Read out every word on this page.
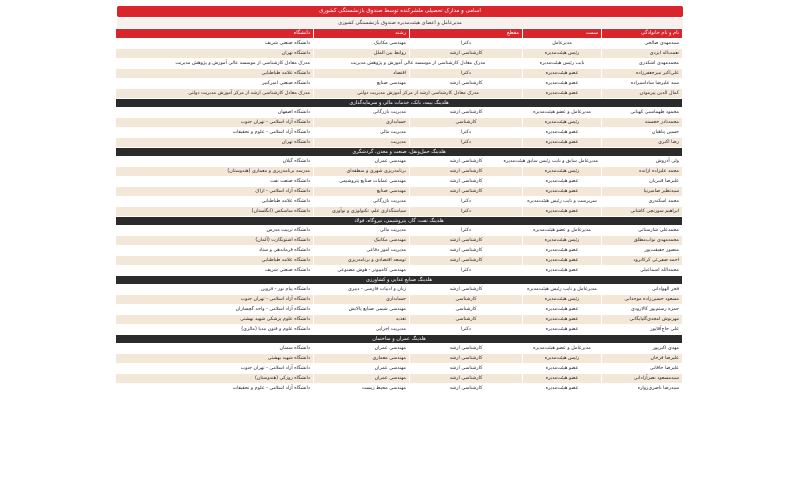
اسامی و مدارک تحصیلی ملشرکنده توسط صندوق بازنشستگی کشوری
مدیرعامل و اعضای هیئت‌مدیره صندوق بازنشستگی کشوری
نام و نام خانوادگی	سمت	مقطع	رشته	دانشگاه
سیدمهدی صالحی	مدیرعامل	دکترا	مهندسی مکانیک	دانشگاه صنعتی شریف
نعمت‌اله ایزدی	رئیس هیئت‌مدیره	کارشناسی ارشد	روابط بین الملل	دانشگاه تهران
محمدمهدی اشکذری	نایب رئیس هیئت‌مدیره	مدرک معادل کارشناسی از موسسه عالی آموزش و پژوهش مدیریت		مدرک معادل کارشناسی از موسسه عالی آموزش و پژوهش مدیریت
علی‌اکبر میرجعفرزاده	عضو هیئت‌مدیره	دکترا	اقتصاد	دانشگاه علامه طباطبایی
سید علیرضا ساداسیراده	عضو هیئت‌مدیره	کارشناسی ارشد	مهندسی صنایع	دانشگاه صنعتی امیرکبیر
کمال الدین پیرموذن	عضو هیئت‌مدیره	مدرک معادل کارشناسی ارشد از مرکز آموزش مدیریت دولتی		مدرک معادل کارشناسی ارشد از مرکز آموزش مدیریت دولتی
هلدینگ بیمه، بانک، خدمات مالی و سرمایه‌گذاری				
محمود طهماسبی کهیانی	مدیرعامل و عضو هیئت‌مدیره	کارشناسی ارشد	مدیریت بازرگانی	دانشگاه اصفهان
محمدنادر خجسته	رئیس هیئت‌مدیره	کارشناسی	حسابداری	دانشگاه آزاد اسلامی - تهران جنوب
حسین پناهیان	عضو هیئت‌مدیره	دکترا	مدیریت مالی	دانشگاه آزاد اسلامی - علوم و تحقیقات
رضا اکبری	عضو هیئت‌مدیره	دکترا	مدیریت	دانشگاه تهران
هلدینگ حمل‌ونقل، صنعت و معدن، گردشگری				
ولی آذروش	مدیرعامل سابق و نایب رئیس سابق هیئت‌مدیره	کارشناسی ارشد	مهندسی عمران	دانشگاه گیلان
محمد علیزاده ارانده	رئیس هیئت‌مدیره	کارشناسی ارشد	برنامه‌ریزی شهری و منطقه‌ای	مدرسه برنامه‌ریزی و معماری (هندوستان)
علیرضا قنبریان	عضو هیئت‌مدیره	کارشناسی ارشد	مهندسی عملیات صنایع پتروشیمی	دانشگاه صنعت نفت
سیدنظیر صامیرنیا	عضو هیئت‌مدیره	کارشناسی ارشد	مهندسی صنایع	دانشگاه آزاد اسلامی - اراک
محمد اسکندری	سرپرست و نایب رئیس هیئت‌مدیره	دکترا	مدیریت بازرگانی	دانشگاه علامه طباطبایی
ابراهیم سوزنچی کاشانی	عضو هیئت‌مدیره	دکترا	سیاستگذاری علم، تکنولوژی و نوآوری	دانشگاه ساسکس (انگلستان)
هلدینگ نفت، گاز، پتروشیمی، نیروگاه، فولاد				
محمدعلی شارستانی	مدیرعامل و عضو هیئت‌مدیره	دکترا	مدیریت مالی	دانشگاه تربیت مدرس
محمدمهدی نواب‌مطلق	رئیس هیئت‌مدیره	کارشناسی ارشد	مهندسی مکانیک	دانشگاه اشتوتگارت (آلمان)
منصور حقیقت‌پور	عضو هیئت‌مدیره	کارشناسی ارشد	مدیریت امور دفاعی	دانشگاه فرماندهی و ستاد
احمد صفی‌ئی کرکانرود	عضو هیئت‌مدیره	کارشناسی ارشد	توسعه اقتصادی و برنامه‌ریزی	دانشگاه علامه طباطبایی
محمدالله اسماعیلی	عضو هیئت‌مدیره	دکترا	مهندسی کامپیوتر - هوش مصنوعی	دانشگاه صنعتی شریف
هلدینگ صنایع غذایی و کشاورزی				
فخر الهوادانی	مدیرعامل و نایب رئیس هیئت‌مدیره	کارشناسی ارشد	زبان و ادبیات فارسی - دبیری	دانشگاه پیام نور - قزوین
مسعود حسین‌زاده موحدانی	رئیس هیئت‌مدیره	کارشناسی	حسابداری	دانشگاه آزاد اسلامی - تهران جنوب
حمزه رستم‌پور کالارودی	عضو هیئت‌مدیره	کارشناسی	مهندسی شیمی صنایع پالایش	دانشگاه آزاد اسلامی - واحد گچساران
مهرنوش امجدی‌گلپایگانی	عضو هیئت‌مدیره	کارشناسی	تغذیه	دانشگاه علوم پزشکی شهید بهشتی
علی حاج‌آقاپور	عضو هیئت‌مدیره	دکترا	مدیریت اجرایی	دانشگاه علوم و فنون مدیا (مالزی)
هلدینگ عمران و ساختمان				
مهدی اکبرپور	مدیرعامل و عضو هیئت‌مدیره	کارشناسی ارشد	مهندسی عمران	دانشگاه سمنان
علیرضا فرخان	رئیس هیئت‌مدیره	کارشناسی ارشد	مهندسی معماری	دانشگاه شهید بهشتی
علیرضا خاقانی	عضو هیئت‌مدیره	کارشناسی ارشد	مهندسی عمران	دانشگاه آزاد اسلامی - تهران جنوب
سیدمسعود نصرآزادانی	عضو هیئت‌مدیره	کارشناسی ارشد	مهندسی عمران	دانشگاه روزکی (هندوستان)
سیدرضا ناصری‌زواره	عضو هیئت‌مدیره	کارشناسی ارشد	مهندسی محیط زیست	دانشگاه آزاد اسلامی - علوم و تحقیقات
